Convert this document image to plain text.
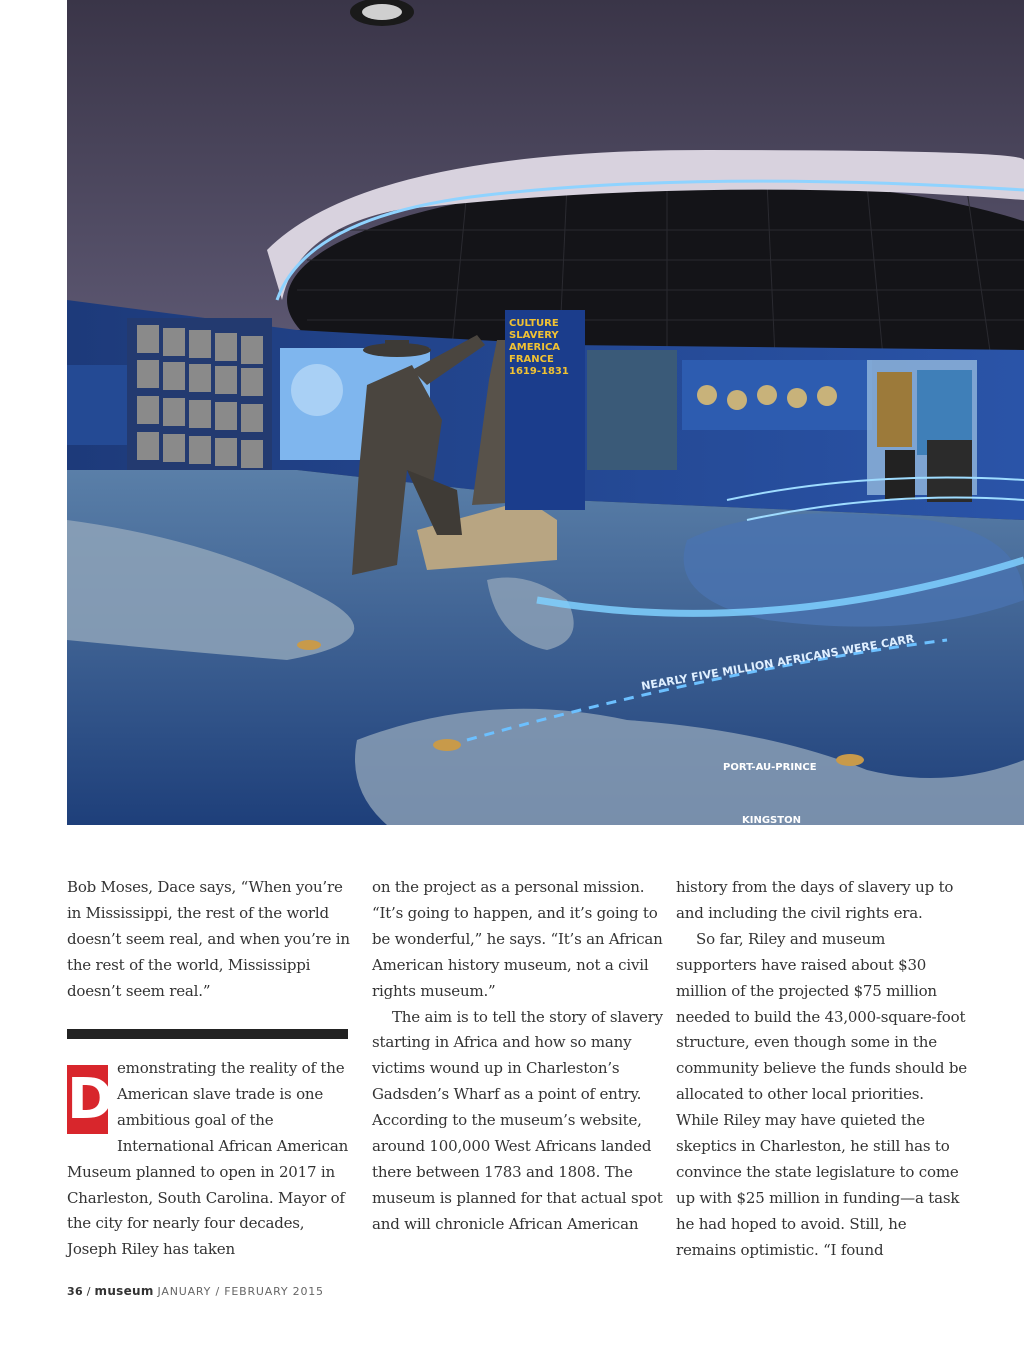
NEARLY FIVE MILLION AFRICANS WERE CARR
PORT-AU-PRINCE
KINGSTON
CULTURE SLAVERY AMERICA FRANCE 1619-1831

Bob Moses, Dace says, “When you’re in Mississippi, the rest of the world doesn’t seem real, and when you’re in the rest of the world, Mississippi doesn’t seem real.”

D emonstrating the reality of the American slave trade is one ambitious goal of the International African American Museum planned to open in 2017 in Charleston, South Carolina. Mayor of the city for nearly four decades, Joseph Riley has taken

on the project as a personal mission. “It’s going to happen, and it’s going to be wonderful,” he says. “It’s an African American history museum, not a civil rights museum.”

The aim is to tell the story of slavery starting in Africa and how so many victims wound up in Charleston’s Gadsden’s Wharf as a point of entry. According to the museum’s website, around 100,000 West Africans landed there between 1783 and 1808. The museum is planned for that actual spot and will chronicle African American

history from the days of slavery up to and including the civil rights era.

So far, Riley and museum supporters have raised about $30 million of the projected $75 million needed to build the 43,000-square-foot structure, even though some in the community believe the funds should be allocated to other local priorities. While Riley may have quieted the skeptics in Charleston, he still has to convince the state legislature to come up with $25 million in funding—a task he had hoped to avoid. Still, he remains optimistic. “I found

36 / museum JANUARY / FEBRUARY 2015
